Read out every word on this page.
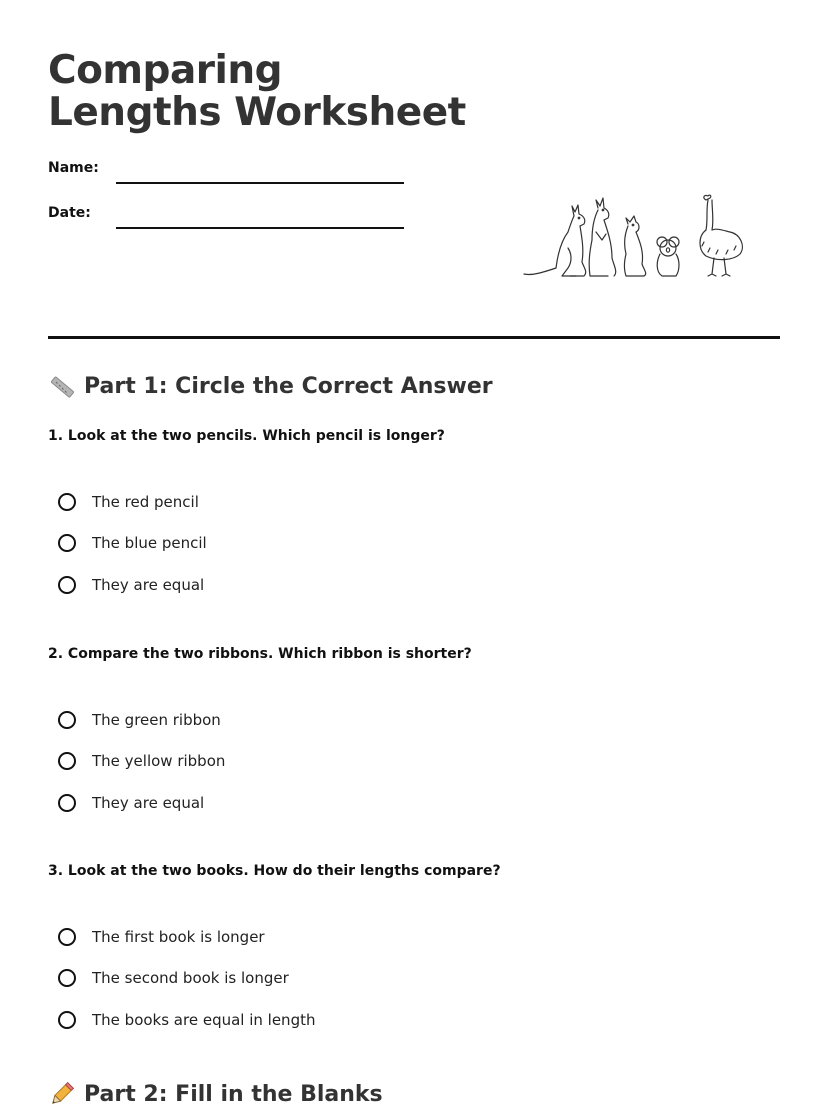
Comparing Lengths Worksheet
Name:
Date:
Part 1: Circle the Correct Answer
1. Look at the two pencils. Which pencil is longer?
The red pencil
The blue pencil
They are equal
2. Compare the two ribbons. Which ribbon is shorter?
The green ribbon
The yellow ribbon
They are equal
3. Look at the two books. How do their lengths compare?
The first book is longer
The second book is longer
The books are equal in length
Part 2: Fill in the Blanks
